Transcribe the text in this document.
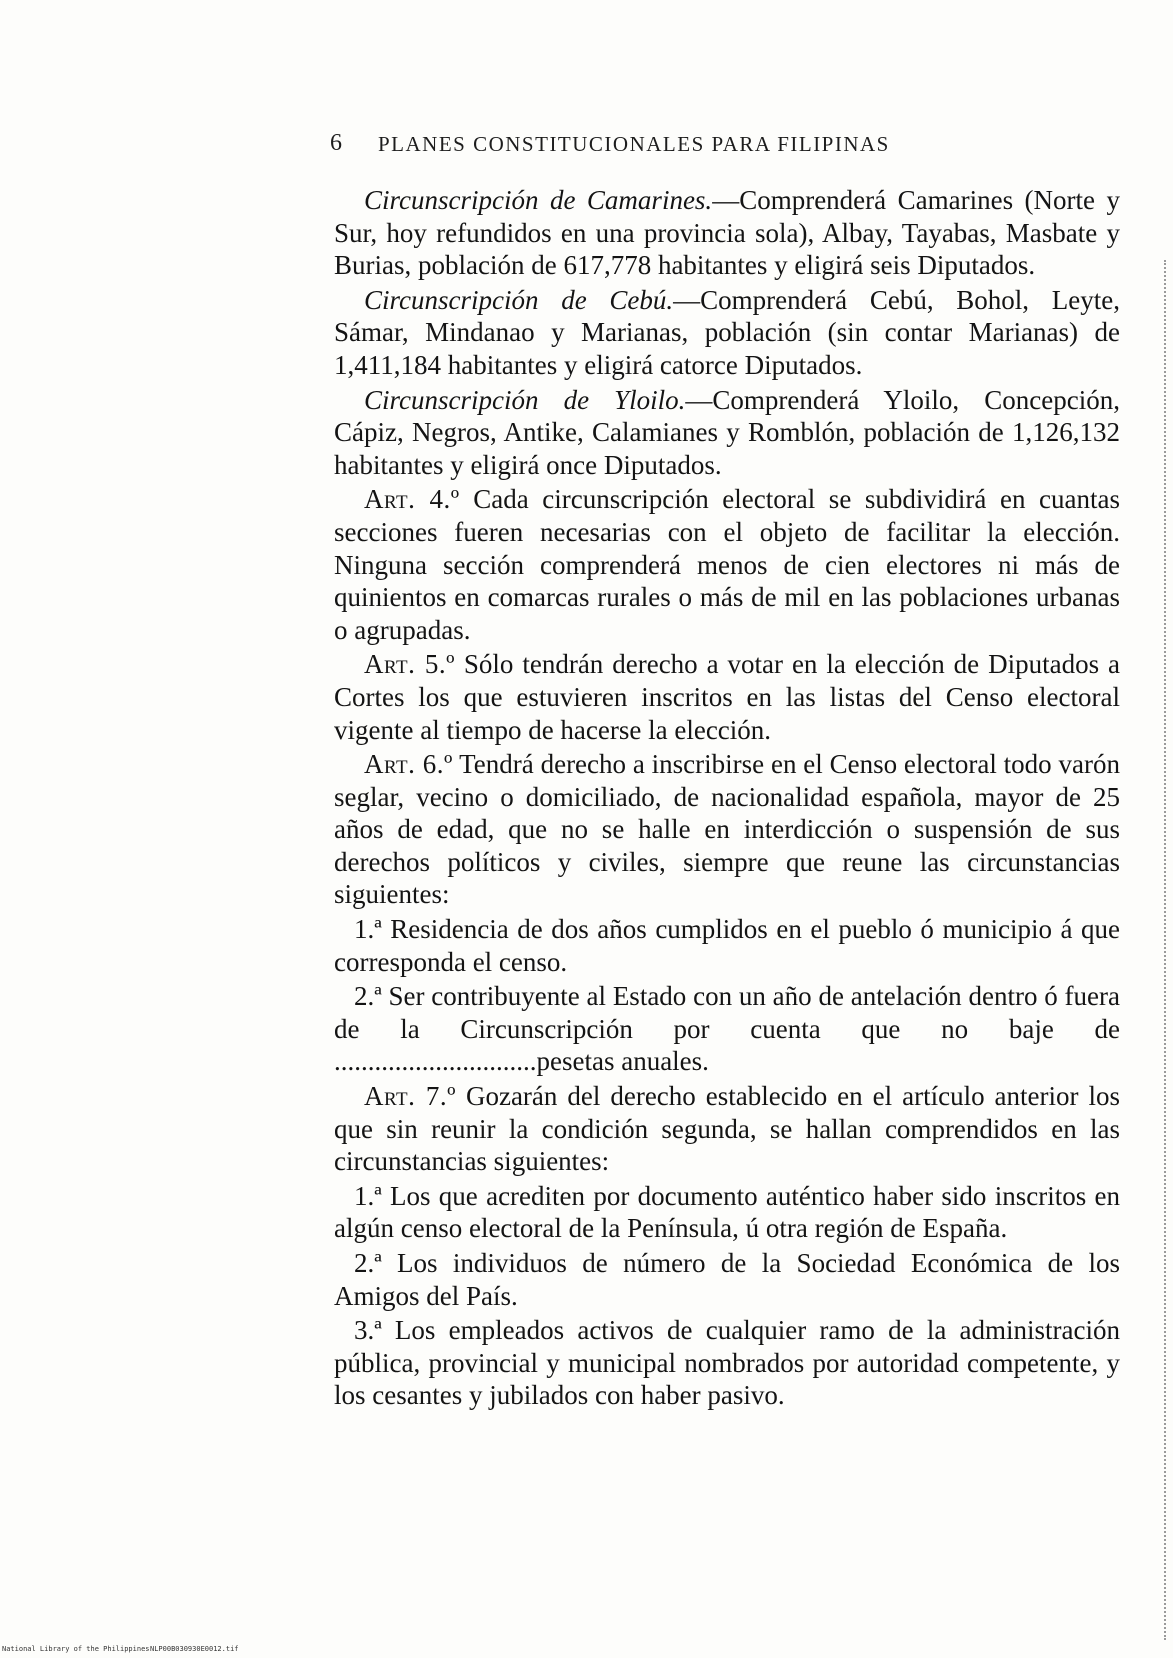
6 PLANES CONSTITUCIONALES PARA FILIPINAS

Circunscripción de Camarines.—Comprenderá Camarines (Norte y Sur, hoy refundidos en una provincia sola), Albay, Tayabas, Masbate y Burias, población de 617,778 habitantes y eligirá seis Diputados.

Circunscripción de Cebú.—Comprenderá Cebú, Bohol, Leyte, Sámar, Mindanao y Marianas, población (sin contar Marianas) de 1,411,184 habitantes y eligirá catorce Diputados.

Circunscripción de Yloilo.—Comprenderá Yloilo, Concepción, Cápiz, Negros, Antike, Calamianes y Romblón, población de 1,126,132 habitantes y eligirá once Diputados.

Art. 4.º Cada circunscripción electoral se subdividirá en cuantas secciones fueren necesarias con el objeto de facilitar la elección. Ninguna sección comprenderá menos de cien electores ni más de quinientos en comarcas rurales o más de mil en las poblaciones urbanas o agrupadas.

Art. 5.º Sólo tendrán derecho a votar en la elección de Diputados a Cortes los que estuvieren inscritos en las listas del Censo electoral vigente al tiempo de hacerse la elección.

Art. 6.º Tendrá derecho a inscribirse en el Censo electoral todo varón seglar, vecino o domiciliado, de nacionalidad española, mayor de 25 años de edad, que no se halle en interdicción o suspensión de sus derechos políticos y civiles, siempre que reune las circunstancias siguientes:

1.ª Residencia de dos años cumplidos en el pueblo ó municipio á que corresponda el censo.

2.ª Ser contribuyente al Estado con un año de antelación dentro ó fuera de la Circunscripción por cuenta que no baje de ..............................pesetas anuales.

Art. 7.º Gozarán del derecho establecido en el artículo anterior los que sin reunir la condición segunda, se hallan comprendidos en las circunstancias siguientes:

1.ª Los que acrediten por documento auténtico haber sido inscritos en algún censo electoral de la Península, ú otra región de España.

2.ª Los individuos de número de la Sociedad Económica de los Amigos del País.

3.ª Los empleados activos de cualquier ramo de la administración pública, provincial y municipal nombrados por autoridad competente, y los cesantes y jubilados con haber pasivo.

National Library of the Philippines NLP00B030930E0012.tif
